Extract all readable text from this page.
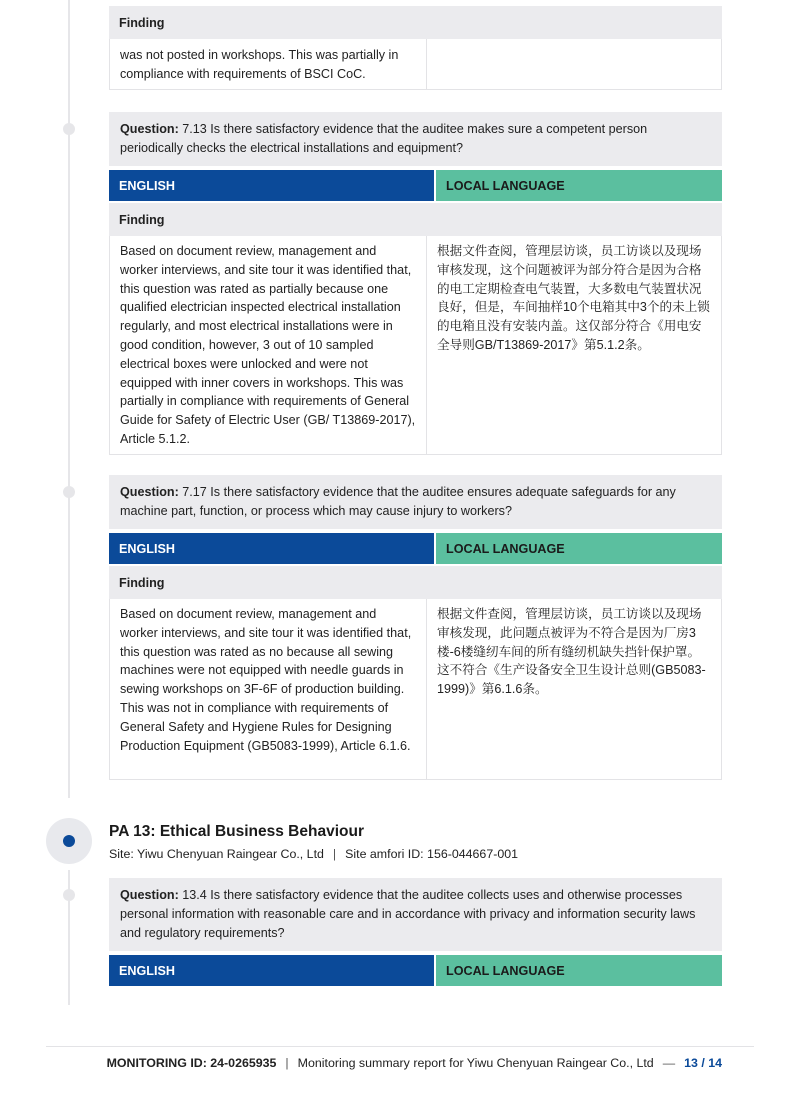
Finding
was not posted in workshops. This was partially in compliance with requirements of BSCI CoC.
Question: 7.13 Is there satisfactory evidence that the auditee makes sure a competent person periodically checks the electrical installations and equipment?
ENGLISH	LOCAL LANGUAGE
Finding
Based on document review, management and worker interviews, and site tour it was identified that, this question was rated as partially because one qualified electrician inspected electrical installation regularly, and most electrical installations were in good condition, however, 3 out of 10 sampled electrical boxes were unlocked and were not equipped with inner covers in workshops. This was partially in compliance with requirements of General Guide for Safety of Electric User (GB/ T13869-2017), Article 5.1.2.
根据文件查阅，管理层访谈，员工访谈以及现场审核发现，这个问题被评为部分符合是因为合格的电工定期检查电气装置，大多数电气装置状况良好，但是，车间抽样10个电箱其中3个的未上锁的电箱且没有安装内盖。这仅部分符合《用电安全导则GB/T13869-2017》第5.1.2条。
Question: 7.17 Is there satisfactory evidence that the auditee ensures adequate safeguards for any machine part, function, or process which may cause injury to workers?
ENGLISH	LOCAL LANGUAGE
Finding
Based on document review, management and worker interviews, and site tour it was identified that, this question was rated as no because all sewing machines were not equipped with needle guards in sewing workshops on 3F-6F of production building. This was not in compliance with requirements of General Safety and Hygiene Rules for Designing Production Equipment (GB5083-1999), Article 6.1.6.
根据文件查阅，管理层访谈，员工访谈以及现场审核发现，此问题点被评为不符合是因为厂房3楼-6楼缝纫车间的所有缝纫机缺失挡针保护罩。这不符合《生产设备安全卫生设计总则(GB5083-1999)》第6.1.6条。
PA 13: Ethical Business Behaviour
Site: Yiwu Chenyuan Raingear Co., Ltd | Site amfori ID: 156-044667-001
Question: 13.4 Is there satisfactory evidence that the auditee collects uses and otherwise processes personal information with reasonable care and in accordance with privacy and information security laws and regulatory requirements?
ENGLISH	LOCAL LANGUAGE
MONITORING ID: 24-0265935 | Monitoring summary report for Yiwu Chenyuan Raingear Co., Ltd — 13 / 14
